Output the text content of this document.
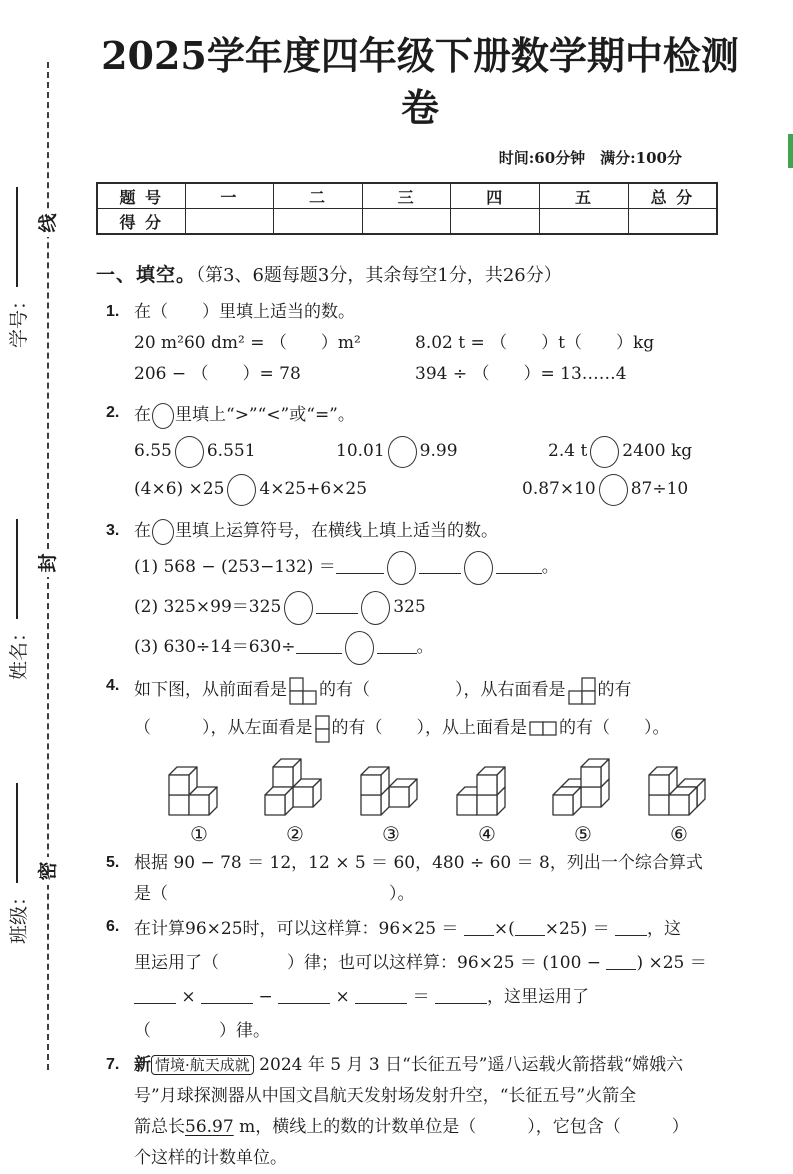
线
封
密
学号：
姓名：
班级：
2025学年度四年级下册数学期中检测卷
时间:60分钟　满分:100分
题 号	一	二	三	四	五	总 分
得 分						
一、填空。（第3、6题每题3分，其余每空1分，共26分）
1. 在（　　）里填上适当的数。
20 m²60 dm² = （　　）m²	8.02 t = （　　）t（　　）kg
206 − （　　）= 78	394 ÷ （　　）= 13……4
2. 在 里填上“>”“<”或“=”。
6.55 6.551	10.01 9.99	2.4 t 2400 kg
(4×6) ×25 4×25+6×25	0.87×10 87÷10
3. 在 里填上运算符号，在横线上填上适当的数。
(1) 568 − (253−132) ＝	。
(2) 325×99＝325	325
(3) 630÷14＝630÷	。
4. 如下图，从前面看是 的有（　　　　　），从右面看是 的有
（　　　），从左面看是 的有（　　），从上面看是 的有（　　）。
①	②	③	④	⑤	⑥
5. 根据 90 − 78 ＝ 12，12 × 5 ＝ 60，480 ÷ 60 ＝ 8，列出一个综合算式
是（　　　　　　　　　　　　　）。
6. 在计算96×25时，可以这样算：96×25 ＝ ×( ×25) ＝ ，这
里运用了（　　　　）律；也可以这样算：96×25 ＝ (100 − ) ×25 ＝
×	−	×	＝	，这里运用了
（　　　　）律。
7. 新 情境·航天成就 2024 年 5 月 3 日“长征五号”遥八运载火箭搭载“嫦娥六
号”月球探测器从中国文昌航天发射场发射升空，“长征五号”火箭全
箭总长56.97 m，横线上的数的计数单位是（　　　），它包含（　　　）
个这样的计数单位。
